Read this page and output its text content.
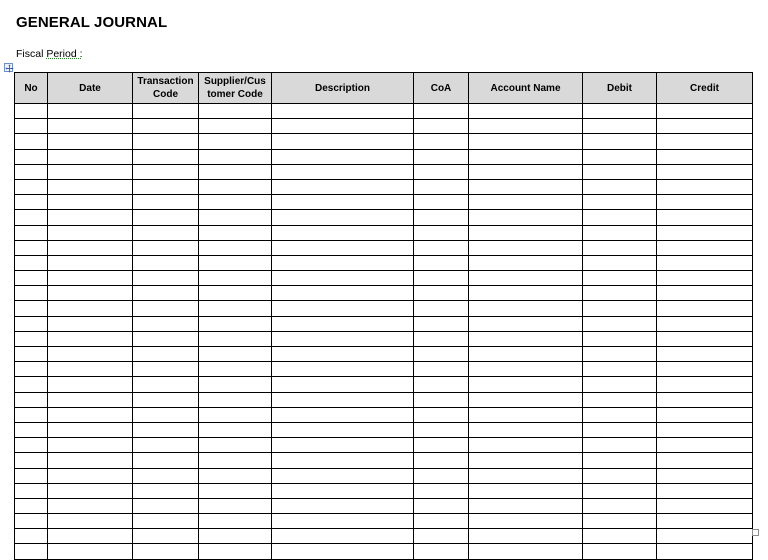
GENERAL JOURNAL
Fiscal Period :
No	Date	Transaction Code	Supplier/Cus tomer Code	Description	CoA	Account Name	Debit	Credit
